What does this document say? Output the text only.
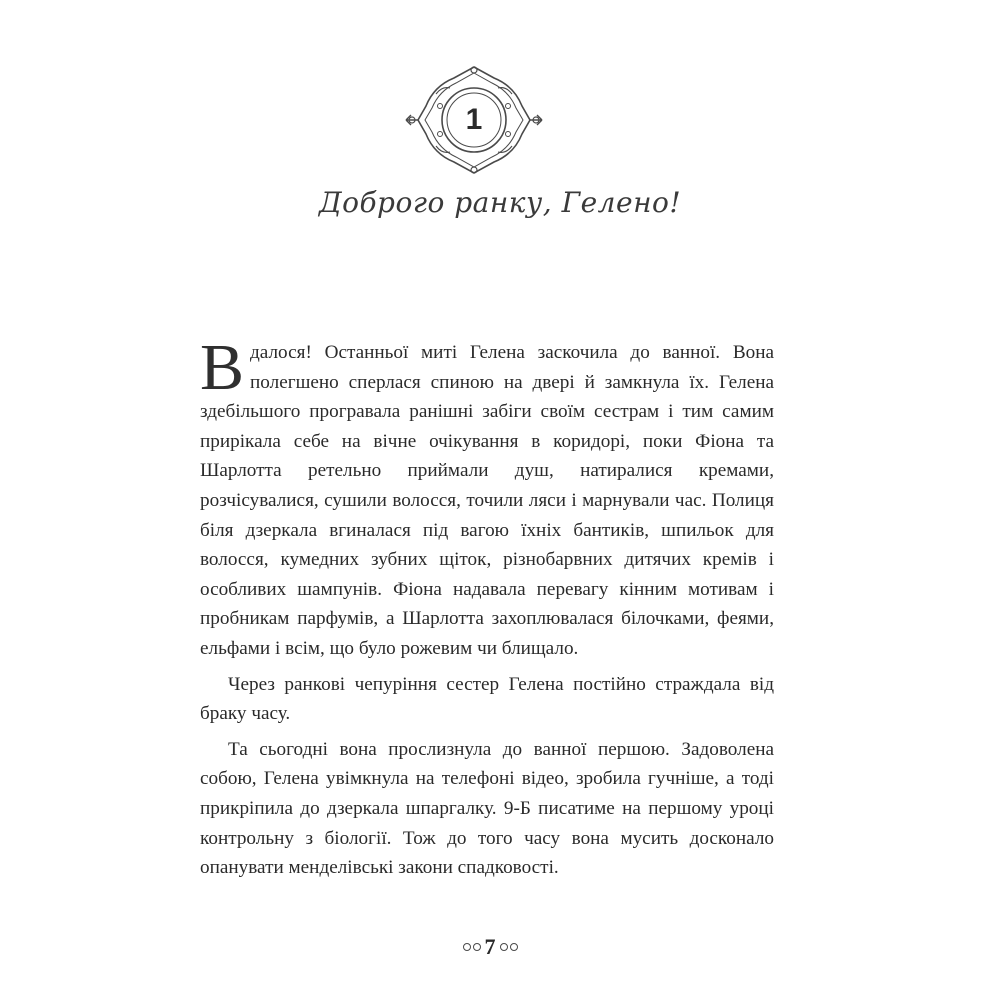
1
Доброго ранку, Гелено!

Вдалося! Останньої миті Гелена заскочила до ванної. Вона полегшено сперлася спиною на двері й замкнула їх. Гелена здебільшого програвала ранішні забіги своїм сестрам і тим самим прирікала себе на вічне очікування в коридорі, поки Фіона та Шарлотта ретельно приймали душ, натиралися кремами, розчісувалися, сушили волосся, точили ляси і марнували час. Полиця біля дзеркала вгиналася під вагою їхніх бантиків, шпильок для волосся, кумедних зубних щіток, різнобарвних дитячих кремів і особливих шампунів. Фіона надавала перевагу кінним мотивам і пробникам парфумів, а Шарлотта захоплювалася білочками, феями, ельфами і всім, що було рожевим чи блищало.

Через ранкові чепуріння сестер Гелена постійно страждала від браку часу.

Та сьогодні вона прослизнула до ванної першою. Задоволена собою, Гелена увімкнула на телефоні відео, зробила гучніше, а тоді прикріпила до дзеркала шпаргалку. 9-Б писатиме на першому уроці контрольну з біології. Тож до того часу вона мусить досконало опанувати менделівські закони спадковості.

7
